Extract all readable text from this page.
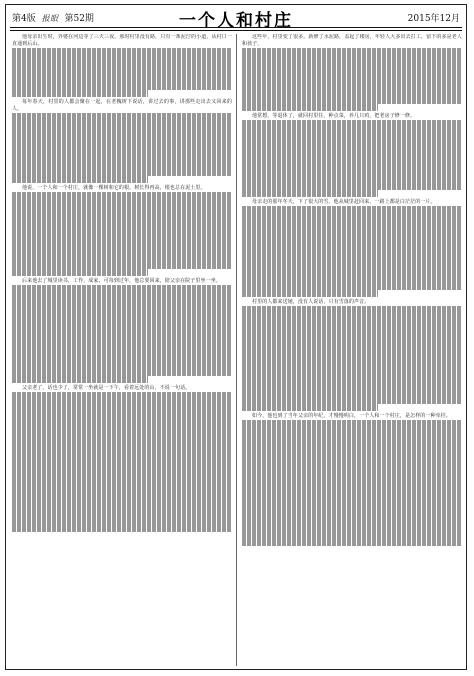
第4版 报眼 第52期	一个人和村庄	2015年12月

他母亲出生时，外婆在河边等了三天三夜。那时村里没有路，只有一条泥泞的小道，从村口一直通到后山。

每年春天，村里的人都会聚在一起，在老槐树下说话，讲过去的事，讲那些走出去又回来的人。

他说，一个人和一个村庄，就像一棵树和它的根。树长得再高，根也总在泥土里。

后来他去了城里读书，工作，成家，可每到过年，他总要回来，陪父亲在院子里坐一坐。

父亲老了，话也少了，常常一坐就是一下午，看着远处的山，不说一句话。

这些年，村里变了很多。新修了水泥路，盖起了楼房，年轻人大多出去打工，留下的多是老人和孩子。

他常想，等退休了，就回村里住，种点菜，养几只鸡，把老房子修一修。

母亲走的那年冬天，下了很大的雪。他从城里赶回来，一路上都是白茫茫的一片。

村里的人都来送她，没有人说话，只有雪落的声音。

如今，他也到了当年父亲的年纪，才慢慢明白，一个人和一个村庄，是怎样的一种牵挂。
